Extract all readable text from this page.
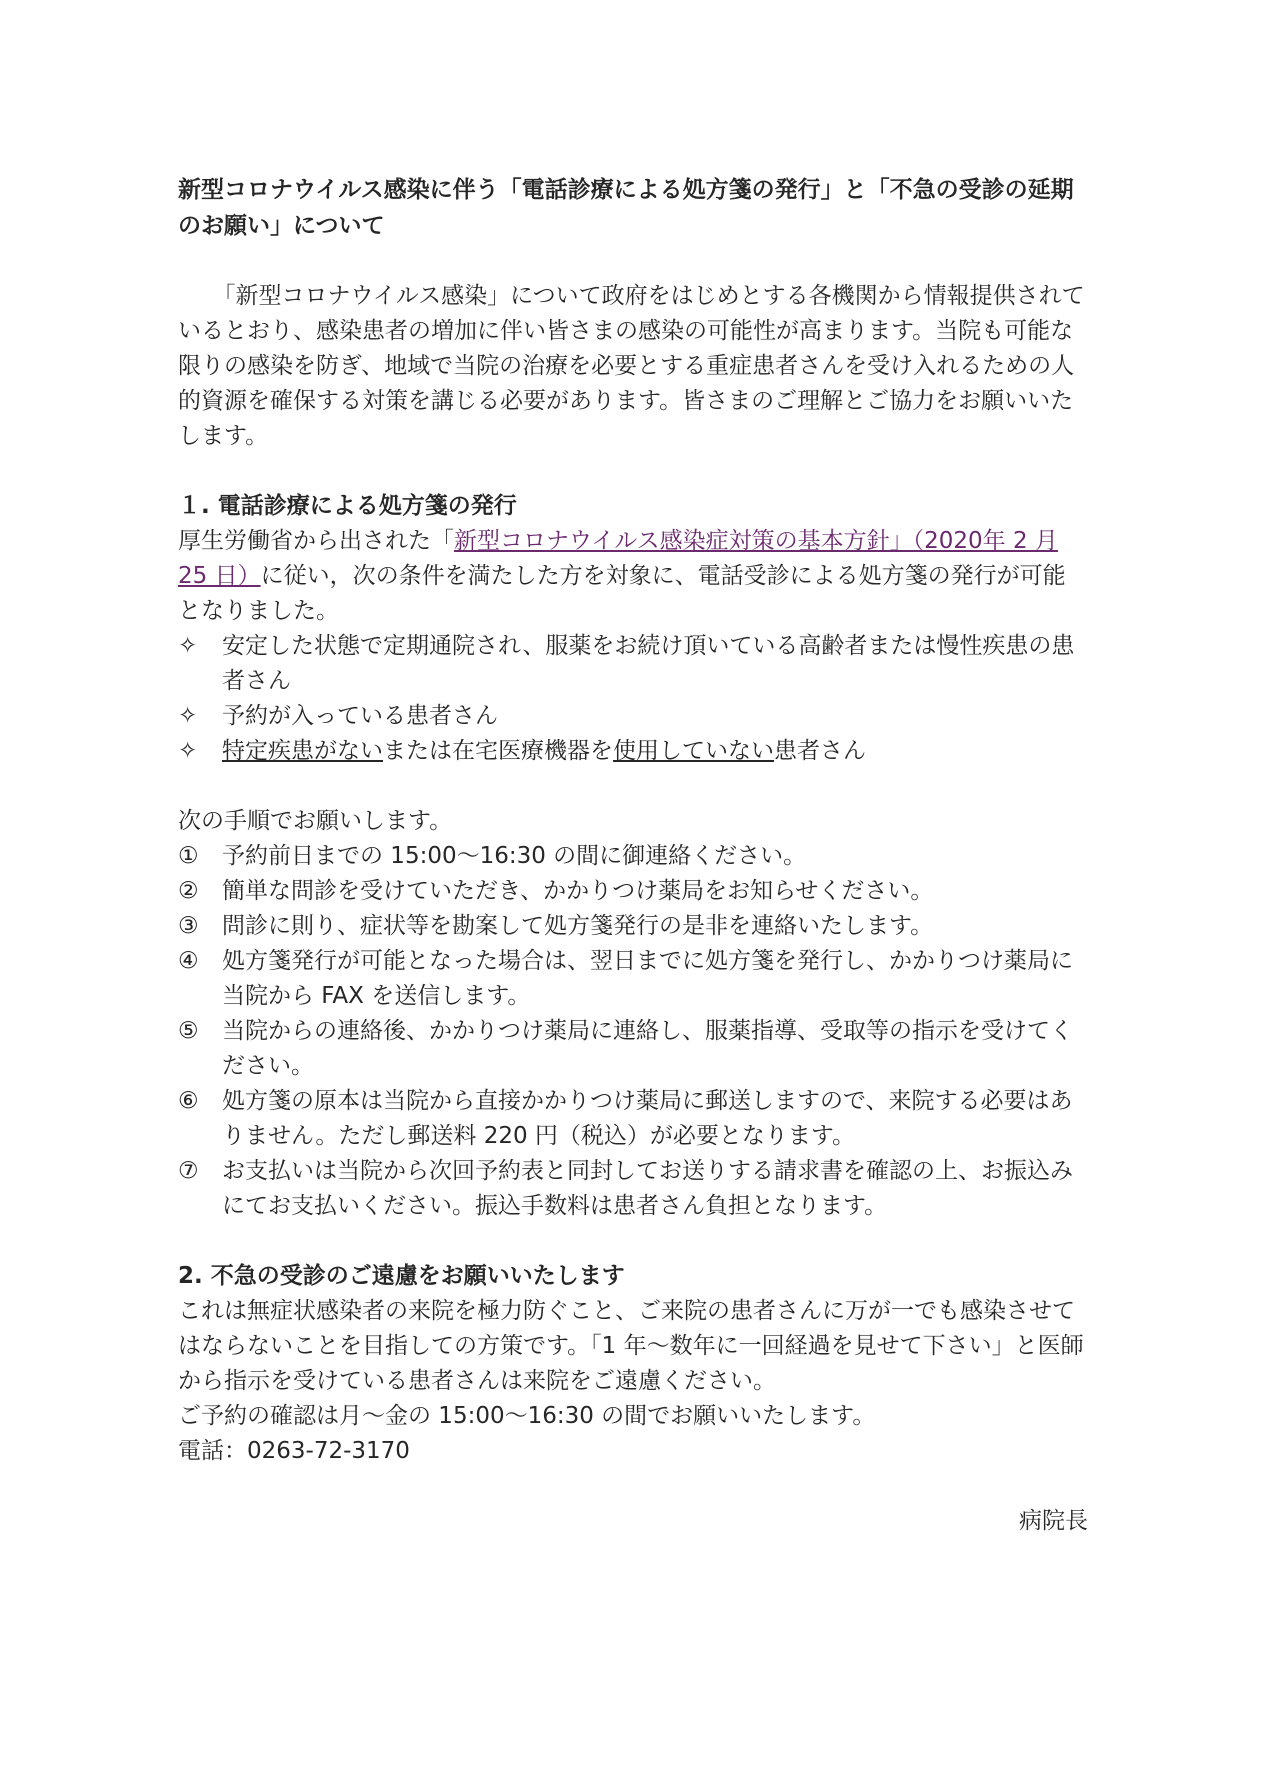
新型コロナウイルス感染に伴う「電話診療による処方箋の発行」と「不急の受診の延期のお願い」について

「新型コロナウイルス感染」について政府をはじめとする各機関から情報提供されているとおり、感染患者の増加に伴い皆さまの感染の可能性が高まります。当院も可能な限りの感染を防ぎ、地域で当院の治療を必要とする重症患者さんを受け入れるための人的資源を確保する対策を講じる必要があります。皆さまのご理解とご協力をお願いいたします。

１. 電話診療による処方箋の発行

厚生労働省から出された「新型コロナウイルス感染症対策の基本方針」（2020年 2 月 25 日）に従い，次の条件を満たした方を対象に、電話受診による処方箋の発行が可能となりました。

✧	安定した状態で定期通院され、服薬をお続け頂いている高齢者または慢性疾患の患者さん
✧	予約が入っている患者さん
✧	特定疾患がないまたは在宅医療機器を使用していない患者さん

次の手順でお願いします。

①	予約前日までの 15:00～16:30 の間に御連絡ください。
②	簡単な問診を受けていただき、かかりつけ薬局をお知らせください。
③	問診に則り、症状等を勘案して処方箋発行の是非を連絡いたします。
④	処方箋発行が可能となった場合は、翌日までに処方箋を発行し、かかりつけ薬局に当院から FAX を送信します。
⑤	当院からの連絡後、かかりつけ薬局に連絡し、服薬指導、受取等の指示を受けてください。
⑥	処方箋の原本は当院から直接かかりつけ薬局に郵送しますので、来院する必要はありません。ただし郵送料 220 円（税込）が必要となります。
⑦	お支払いは当院から次回予約表と同封してお送りする請求書を確認の上、お振込みにてお支払いください。振込手数料は患者さん負担となります。
2. 不急の受診のご遠慮をお願いいたします

これは無症状感染者の来院を極力防ぐこと、ご来院の患者さんに万が一でも感染させてはならないことを目指しての方策です。「1 年～数年に一回経過を見せて下さい」と医師から指示を受けている患者さんは来院をご遠慮ください。

ご予約の確認は月～金の 15:00～16:30 の間でお願いいたします。

電話：0263-72-3170

病院長
